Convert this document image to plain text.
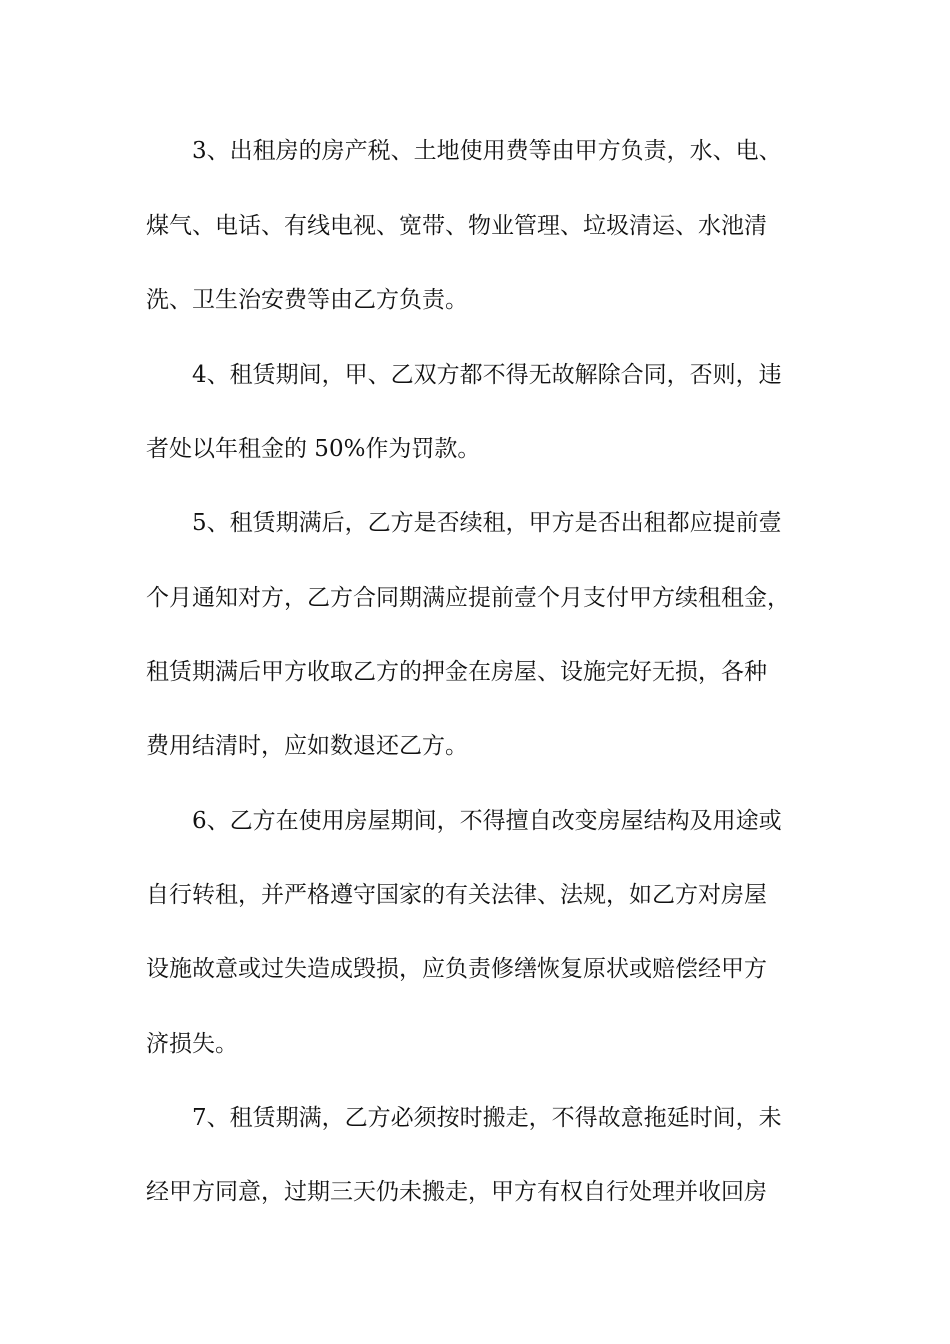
3、出租房的房产税、土地使用费等由甲方负责，水、电、
煤气、电话、有线电视、宽带、物业管理、垃圾清运、水池清
洗、卫生治安费等由乙方负责。
4、租赁期间，甲、乙双方都不得无故解除合同，否则，违
者处以年租金的 50%作为罚款。
5、租赁期满后，乙方是否续租，甲方是否出租都应提前壹
个月通知对方，乙方合同期满应提前壹个月支付甲方续租租金，
租赁期满后甲方收取乙方的押金在房屋、设施完好无损，各种
费用结清时，应如数退还乙方。
6、乙方在使用房屋期间，不得擅自改变房屋结构及用途或
自行转租，并严格遵守国家的有关法律、法规，如乙方对房屋
设施故意或过失造成毁损，应负责修缮恢复原状或赔偿经甲方
济损失。
7、租赁期满，乙方必须按时搬走，不得故意拖延时间，未
经甲方同意，过期三天仍未搬走，甲方有权自行处理并收回房
